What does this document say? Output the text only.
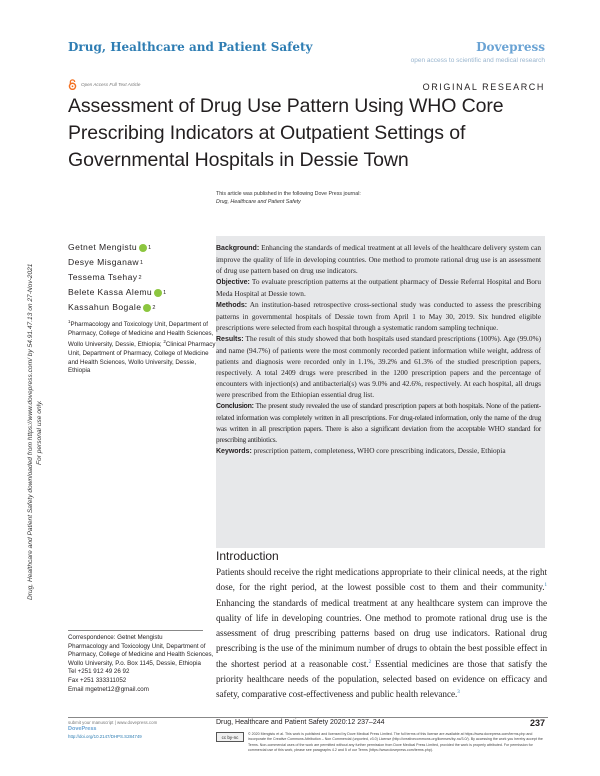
Drug, Healthcare and Patient Safety downloaded from https://www.dovepress.com/ by 54.91.47.13 on 27-Nov-2021 For personal use only.
Drug, Healthcare and Patient Safety	Dovepress
open access to scientific and medical research
Open Access Full Text Article	ORIGINAL RESEARCH
Assessment of Drug Use Pattern Using WHO Core Prescribing Indicators at Outpatient Settings of Governmental Hospitals in Dessie Town
This article was published in the following Dove Press journal:
Drug, Healthcare and Patient Safety
Getnet Mengistu 1
Desye Misganaw 1
Tessema Tsehay 2
Belete Kassa Alemu 1
Kassahun Bogale 2

$^1$Pharmacology and Toxicology Unit, Department of Pharmacy, College of Medicine and Health Sciences, Wollo University, Dessie, Ethiopia; $^2$Clinical Pharmacy Unit, Department of Pharmacy, College of Medicine and Health Sciences, Wollo University, Dessie, Ethiopia

Background: Enhancing the standards of medical treatment at all levels of the healthcare delivery system can improve the quality of life in developing countries. One method to promote rational drug use is an assessment of drug use pattern based on drug use indicators.

Objective: To evaluate prescription patterns at the outpatient pharmacy of Dessie Referral Hospital and Boru Meda Hospital at Dessie town.

Methods: An institution-based retrospective cross-sectional study was conducted to assess the prescribing patterns in governmental hospitals of Dessie town from April 1 to May 30, 2019. Six hundred eligible prescriptions were selected from each hospital through a systematic random sampling technique.

Results: The result of this study showed that both hospitals used standard prescriptions (100%). Age (99.0%) and name (94.7%) of patients were the most commonly recorded patient information while weight, address of patients and diagnosis were recorded only in 1.1%, 39.2% and 61.3% of the studied prescription papers, respectively. A total 2409 drugs were prescribed in the 1200 prescription papers and the percentage of encounters with injection(s) and antibacterial(s) was 9.0% and 42.6%, respectively. At each hospital, all drugs were prescribed from the Ethiopian essential drug list.

Conclusion: The present study revealed the use of standard prescription papers at both hospitals. None of the patient-related information was completely written in all prescriptions. For drug-related information, only the name of the drug was written in all prescription papers. There is also a significant deviation from the acceptable WHO standard for prescribing antibiotics.

Keywords: prescription pattern, completeness, WHO core prescribing indicators, Dessie, Ethiopia

Introduction
Patients should receive the right medications appropriate to their clinical needs, at the right dose, for the right period, at the lowest possible cost to them and their community.$^1$ Enhancing the standards of medical treatment at any healthcare system can improve the quality of life in developing countries. One method to promote rational drug use is the assessment of drug prescribing patterns based on drug use indicators. Rational drug prescribing is the use of the minimum number of drugs to obtain the best possible effect in the shortest period at a reasonable cost.$^2$ Essential medicines are those that satisfy the priority healthcare needs of the population, selected based on evidence on efficacy and safety, comparative cost-effectiveness and public health relevance.$^3$
Correspondence: Getnet Mengistu
Pharmacology and Toxicology Unit, Department of Pharmacy, College of Medicine and Health Sciences, Wollo University, P.o. Box 1145, Dessie, Ethiopia
Tel +251 912 49 26 92
Fax +251 333311052
Email mgetnet12@gmail.com
submit your manuscript | www.dovepress.com
DovePress
http://doi.org/10.2147/DHPS.S284749
Drug, Healthcare and Patient Safety 2020:12 237–244	237
cc by-nc
© 2020 Mengistu et al. This work is published and licensed by Dove Medical Press Limited. The full terms of this license are available at https://www.dovepress.com/terms.php and incorporate the Creative Commons Attribution – Non Commercial (unported, v3.0) License (http://creativecommons.org/licenses/by-nc/3.0/). By accessing the work you hereby accept the Terms. Non-commercial uses of the work are permitted without any further permission from Dove Medical Press Limited, provided the work is properly attributed. For permission for commercial use of this work, please see paragraphs 4.2 and 5 of our Terms (https://www.dovepress.com/terms.php).
